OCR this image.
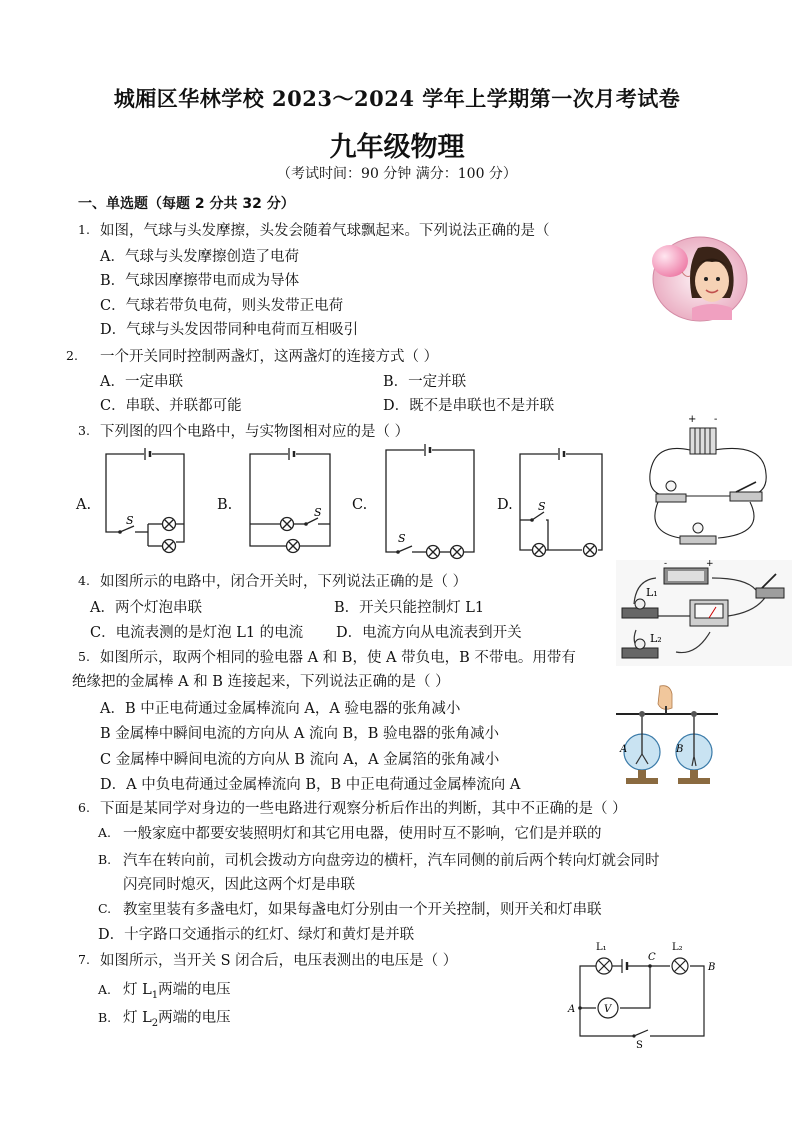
城厢区华林学校 2023～2024 学年上学期第一次月考试卷
九年级物理
（考试时间：90 分钟 满分：100 分）
一、单选题（每题 2 分共 32 分）
1. 如图，气球与头发摩擦，头发会随着气球飘起来。下列说法正确的是（
A．气球与头发摩擦创造了电荷
B．气球因摩擦带电而成为导体
C．气球若带负电荷，则头发带正电荷
D．气球与头发因带同种电荷而互相吸引
2. 一个开关同时控制两盏灯，这两盏灯的连接方式（ ）
A．一定串联	B．一定并联
C．串联、并联都可能	D．既不是串联也不是并联
3. 下列图的四个电路中，与实物图相对应的是（ ）
A.
S
B.	S C.
S
D. S
+ -
4. 如图所示的电路中，闭合开关时，下列说法正确的是（ ）
A．两个灯泡串联	B．开关只能控制灯 L1
C．电流表测的是灯泡 L1 的电流 D．电流方向从电流表到开关
-	+
L₁
L₂
5. 如图所示，取两个相同的验电器 A 和 B，使 A 带负电，B 不带电。用带有
绝缘把的金属棒 A 和 B 连接起来，下列说法正确的是（ ）
A．B 中正电荷通过金属棒流向 A，A 验电器的张角减小
B 金属棒中瞬间电流的方向从 A 流向 B，B 验电器的张角减小
C 金属棒中瞬间电流的方向从 B 流向 A，A 金属箔的张角减小
D．A 中负电荷通过金属棒流向 B，B 中正电荷通过金属棒流向 A
A	B
6. 下面是某同学对身边的一些电路进行观察分析后作出的判断，其中不正确的是（ ）
A. 一般家庭中都要安装照明灯和其它用电器，使用时互不影响，它们是并联的
B. 汽车在转向前，司机会拨动方向盘旁边的横杆，汽车同侧的前后两个转向灯就会同时
闪亮同时熄灭，因此这两个灯是串联
C. 教室里装有多盏电灯，如果每盏电灯分别由一个开关控制，则开关和灯串联
D．十字路口交通指示的红灯、绿灯和黄灯是并联
7. 如图所示，当开关 S 闭合后，电压表测出的电压是（ ）
A. 灯 $L_1$两端的电压
B. 灯 $L_2$两端的电压
L₁	L₂
C
B
A	V
S
